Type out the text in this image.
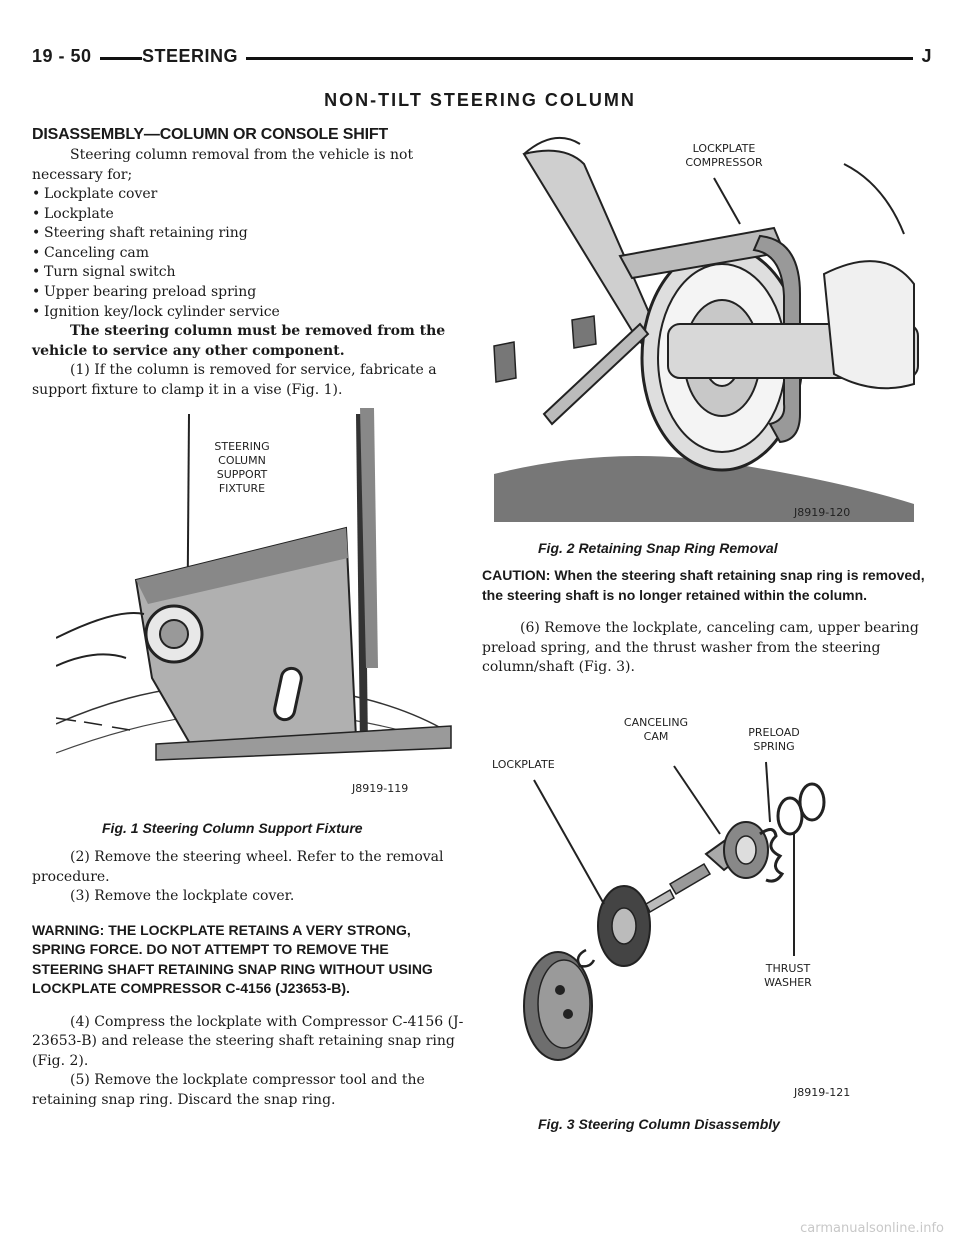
19 - 50	STEERING	J
NON-TILT STEERING COLUMN
DISASSEMBLY—COLUMN OR CONSOLE SHIFT

Steering column removal from the vehicle is not necessary for;

• Lockplate cover
• Lockplate
• Steering shaft retaining ring
• Canceling cam
• Turn signal switch
• Upper bearing preload spring
• Ignition key/lock cylinder service

The steering column must be removed from the vehicle to service any other component.

(1) If the column is removed for service, fabricate a support fixture to clamp it in a vise (Fig. 1).

STEERING
COLUMN
SUPPORT
FIXTURE
J8919-119
Fig. 1 Steering Column Support Fixture

(2) Remove the steering wheel. Refer to the removal procedure.

(3) Remove the lockplate cover.

WARNING: THE LOCKPLATE RETAINS A VERY STRONG, SPRING FORCE. DO NOT ATTEMPT TO REMOVE THE STEERING SHAFT RETAINING SNAP RING WITHOUT USING LOCKPLATE COMPRESSOR C-4156 (J23653-B).

(4) Compress the lockplate with Compressor C-4156 (J-23653-B) and release the steering shaft retaining snap ring (Fig. 2).

(5) Remove the lockplate compressor tool and the retaining snap ring. Discard the snap ring.

LOCKPLATE
COMPRESSOR
J8919-120
Fig. 2 Retaining Snap Ring Removal

CAUTION: When the steering shaft retaining snap ring is removed, the steering shaft is no longer retained within the column.

(6) Remove the lockplate, canceling cam, upper bearing preload spring, and the thrust washer from the steering column/shaft (Fig. 3).

LOCKPLATE
CANCELING
CAM	PRELOAD
SPRING
THRUST
WASHER
J8919-121
Fig. 3 Steering Column Disassembly
carmanualsonline.info
